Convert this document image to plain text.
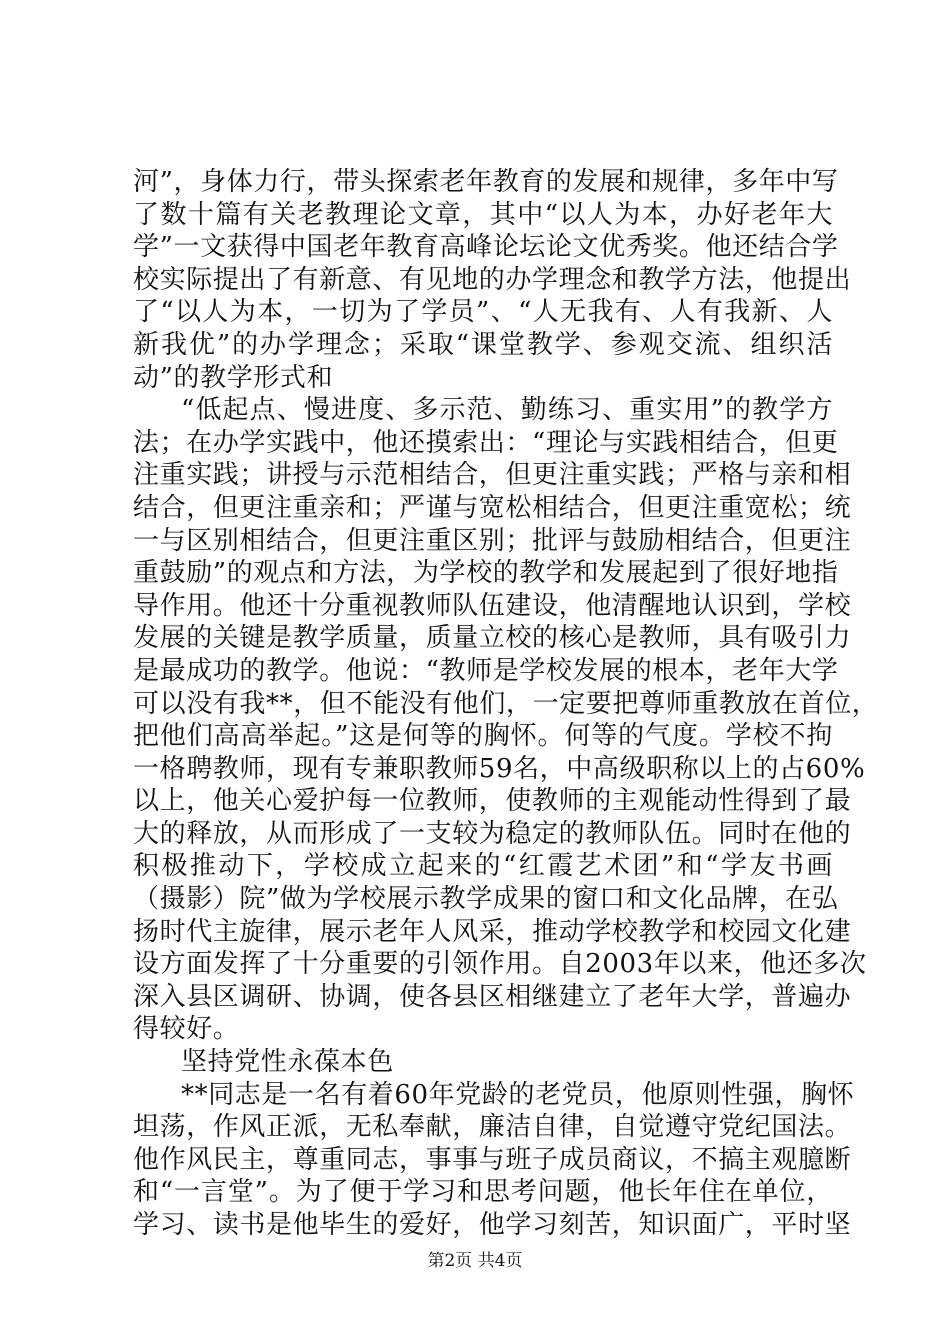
河”，身体力行，带头探索老年教育的发展和规律，多年中写
了数十篇有关老教理论文章，其中“以人为本，办好老年大
学”一文获得中国老年教育高峰论坛论文优秀奖。他还结合学
校实际提出了有新意、有见地的办学理念和教学方法，他提出
了“以人为本，一切为了学员”、“人无我有、人有我新、人
新我优”的办学理念；采取“课堂教学、参观交流、组织活
动”的教学形式和
“低起点、慢进度、多示范、勤练习、重实用”的教学方
法；在办学实践中，他还摸索出：“理论与实践相结合，但更
注重实践；讲授与示范相结合，但更注重实践；严格与亲和相
结合，但更注重亲和；严谨与宽松相结合，但更注重宽松；统
一与区别相结合，但更注重区别；批评与鼓励相结合，但更注
重鼓励”的观点和方法，为学校的教学和发展起到了很好地指
导作用。他还十分重视教师队伍建设，他清醒地认识到，学校
发展的关键是教学质量，质量立校的核心是教师，具有吸引力
是最成功的教学。他说：“教师是学校发展的根本，老年大学
可以没有我**，但不能没有他们，一定要把尊师重教放在首位，
把他们高高举起。”这是何等的胸怀。何等的气度。学校不拘
一格聘教师，现有专兼职教师59名，中高级职称以上的占60%
以上，他关心爱护每一位教师，使教师的主观能动性得到了最
大的释放，从而形成了一支较为稳定的教师队伍。同时在他的
积极推动下，学校成立起来的“红霞艺术团”和“学友书画
（摄影）院”做为学校展示教学成果的窗口和文化品牌，在弘
扬时代主旋律，展示老年人风采，推动学校教学和校园文化建
设方面发挥了十分重要的引领作用。自2003年以来，他还多次
深入县区调研、协调，使各县区相继建立了老年大学，普遍办
得较好。
坚持党性永葆本色
**同志是一名有着60年党龄的老党员，他原则性强，胸怀
坦荡，作风正派，无私奉献，廉洁自律，自觉遵守党纪国法。
他作风民主，尊重同志，事事与班子成员商议，不搞主观臆断
和“一言堂”。为了便于学习和思考问题，他长年住在单位，
学习、读书是他毕生的爱好，他学习刻苦，知识面广，平时坚
第2页 共4页
